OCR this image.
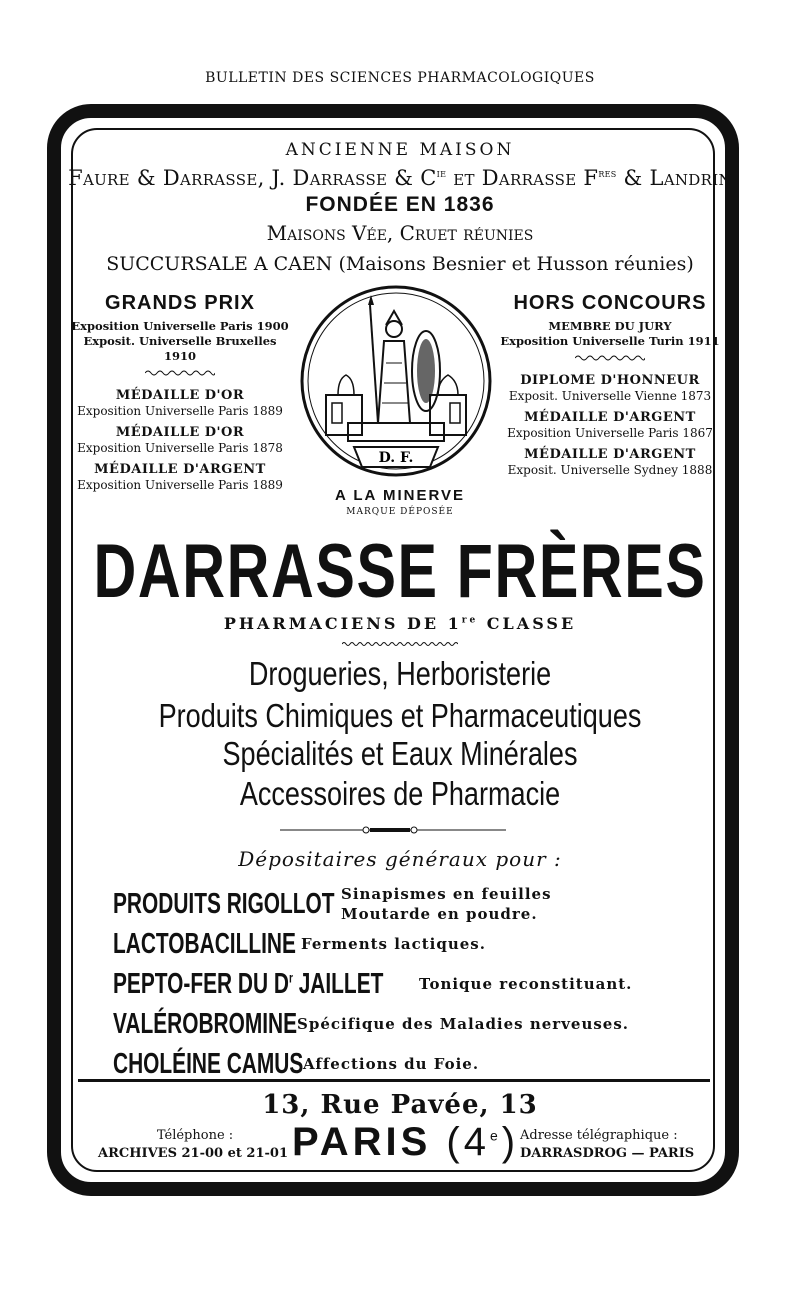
BULLETIN DES SCIENCES PHARMACOLOGIQUES
ANCIENNE MAISON
Faure & Darrasse, J. Darrasse & $C^{ie}$ et Darrasse $F^{res}$ & Landrin
FONDÉE EN 1836
Maisons Vée, Cruet réunies
SUCCURSALE A CAEN (Maisons Besnier et Husson réunies)
GRANDS PRIX
Exposition Universelle Paris 1900
Exposit. Universelle Bruxelles 1910
MÉDAILLE D'OR
Exposition Universelle Paris 1889
MÉDAILLE D'OR
Exposition Universelle Paris 1878
MÉDAILLE D'ARGENT
Exposition Universelle Paris 1889
HORS CONCOURS
MEMBRE DU JURY
Exposition Universelle Turin 1911
DIPLOME D'HONNEUR
Exposit. Universelle Vienne 1873
MÉDAILLE D'ARGENT
Exposition Universelle Paris 1867
MÉDAILLE D'ARGENT
Exposit. Universelle Sydney 1888
D. F.
A LA MINERVE
MARQUE DÉPOSÉE
DARRASSE FRÈRES
PHARMACIENS DE 1re CLASSE
Drogueries, Herboristerie
Produits Chimiques et Pharmaceutiques
Spécialités et Eaux Minérales
Accessoires de Pharmacie
Dépositaires généraux pour :
PRODUITS RIGOLLOT Sinapismes en feuilles
Moutarde en poudre.
LACTOBACILLINE Ferments lactiques.
PEPTO-FER DU $D^r$ JAILLET Tonique reconstituant.
VALÉROBROMINE Spécifique des Maladies nerveuses.
CHOLÉINE CAMUS Affections du Foie.
13, Rue Pavée, 13
Téléphone :
ARCHIVES 21-00 et 21-01 PARIS (4e) Adresse télégraphique :
DARRASDROG — PARIS
